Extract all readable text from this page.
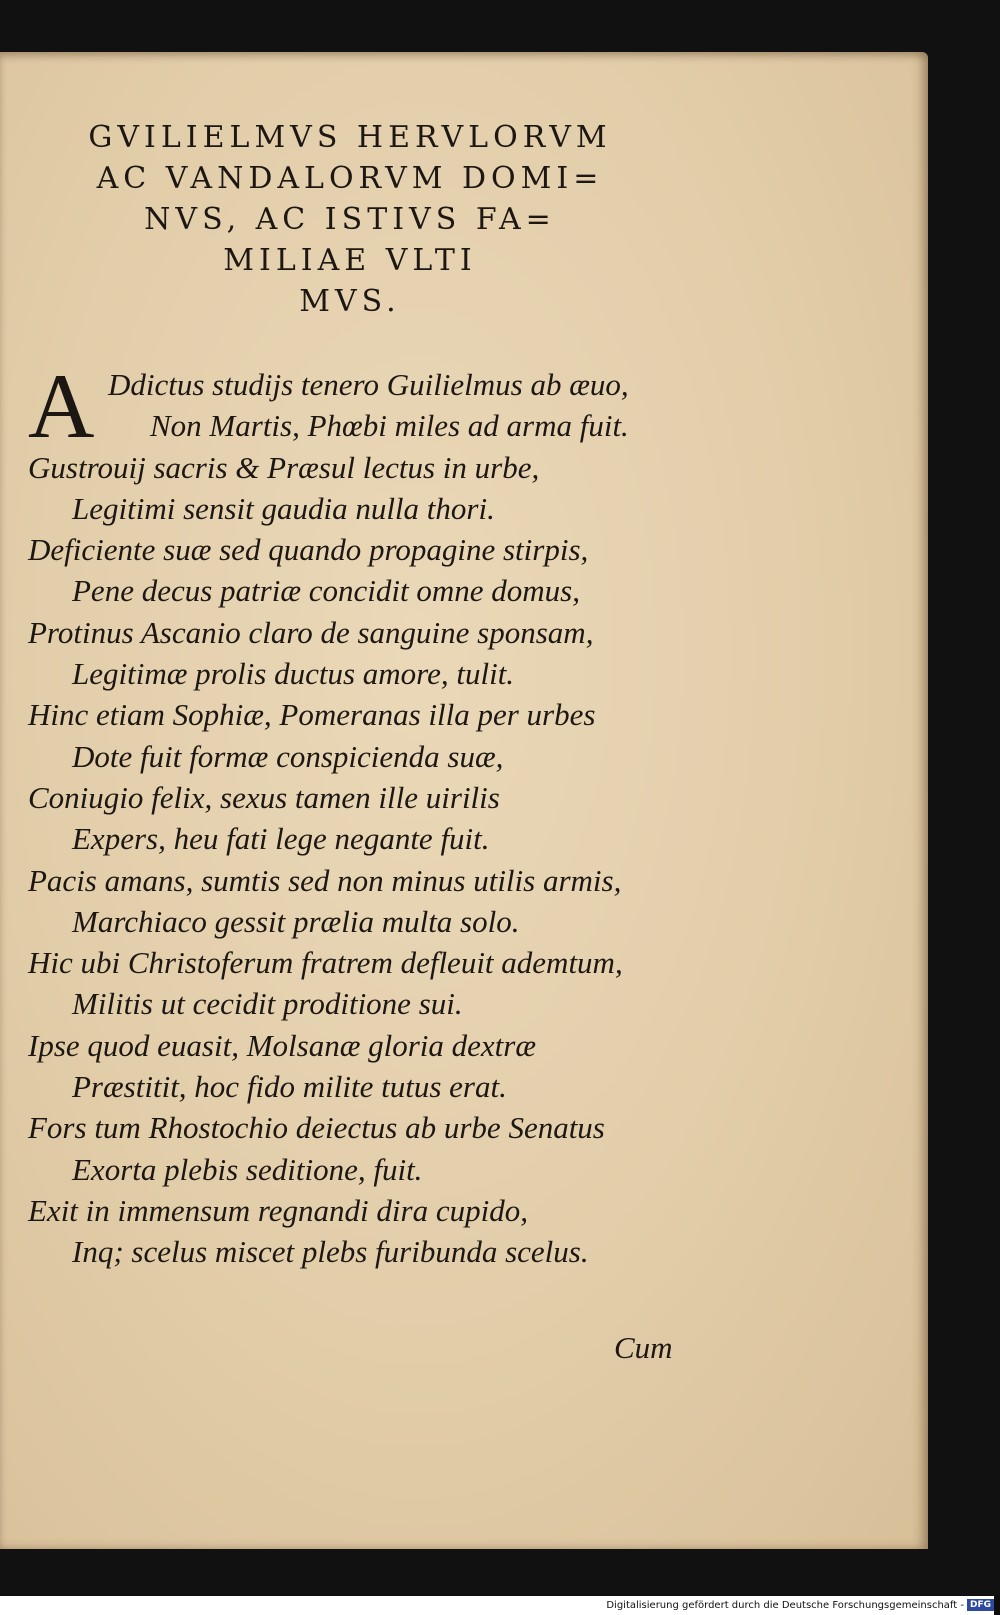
GVILIELMVS HERVLORVM
AC VANDALORVM DOMI=
NVS, AC ISTIVS FA=
MILIAE VLTI
MVS.
A Ddictus studijs tenero Guilielmus ab æuo,
Non Martis, Phœbi miles ad arma fuit.
Gustrouij sacris & Præsul lectus in urbe,
Legitimi sensit gaudia nulla thori.
Deficiente suæ sed quando propagine stirpis,
Pene decus patriæ concidit omne domus,
Protinus Ascanio claro de sanguine sponsam,
Legitimæ prolis ductus amore, tulit.
Hinc etiam Sophiæ, Pomeranas illa per urbes
Dote fuit formæ conspicienda suæ,
Coniugio felix, sexus tamen ille uirilis
Expers, heu fati lege negante fuit.
Pacis amans, sumtis sed non minus utilis armis,
Marchiaco gessit prælia multa solo.
Hic ubi Christoferum fratrem defleuit ademtum,
Militis ut cecidit proditione sui.
Ipse quod euasit, Molsanæ gloria dextræ
Præstitit, hoc fido milite tutus erat.
Fors tum Rhostochio deiectus ab urbe Senatus
Exorta plebis seditione, fuit.
Exit in immensum regnandi dira cupido,
Inq; scelus miscet plebs furibunda scelus.
Cum
Digitalisierung gefördert durch die Deutsche Forschungsgemeinschaft - DFG
